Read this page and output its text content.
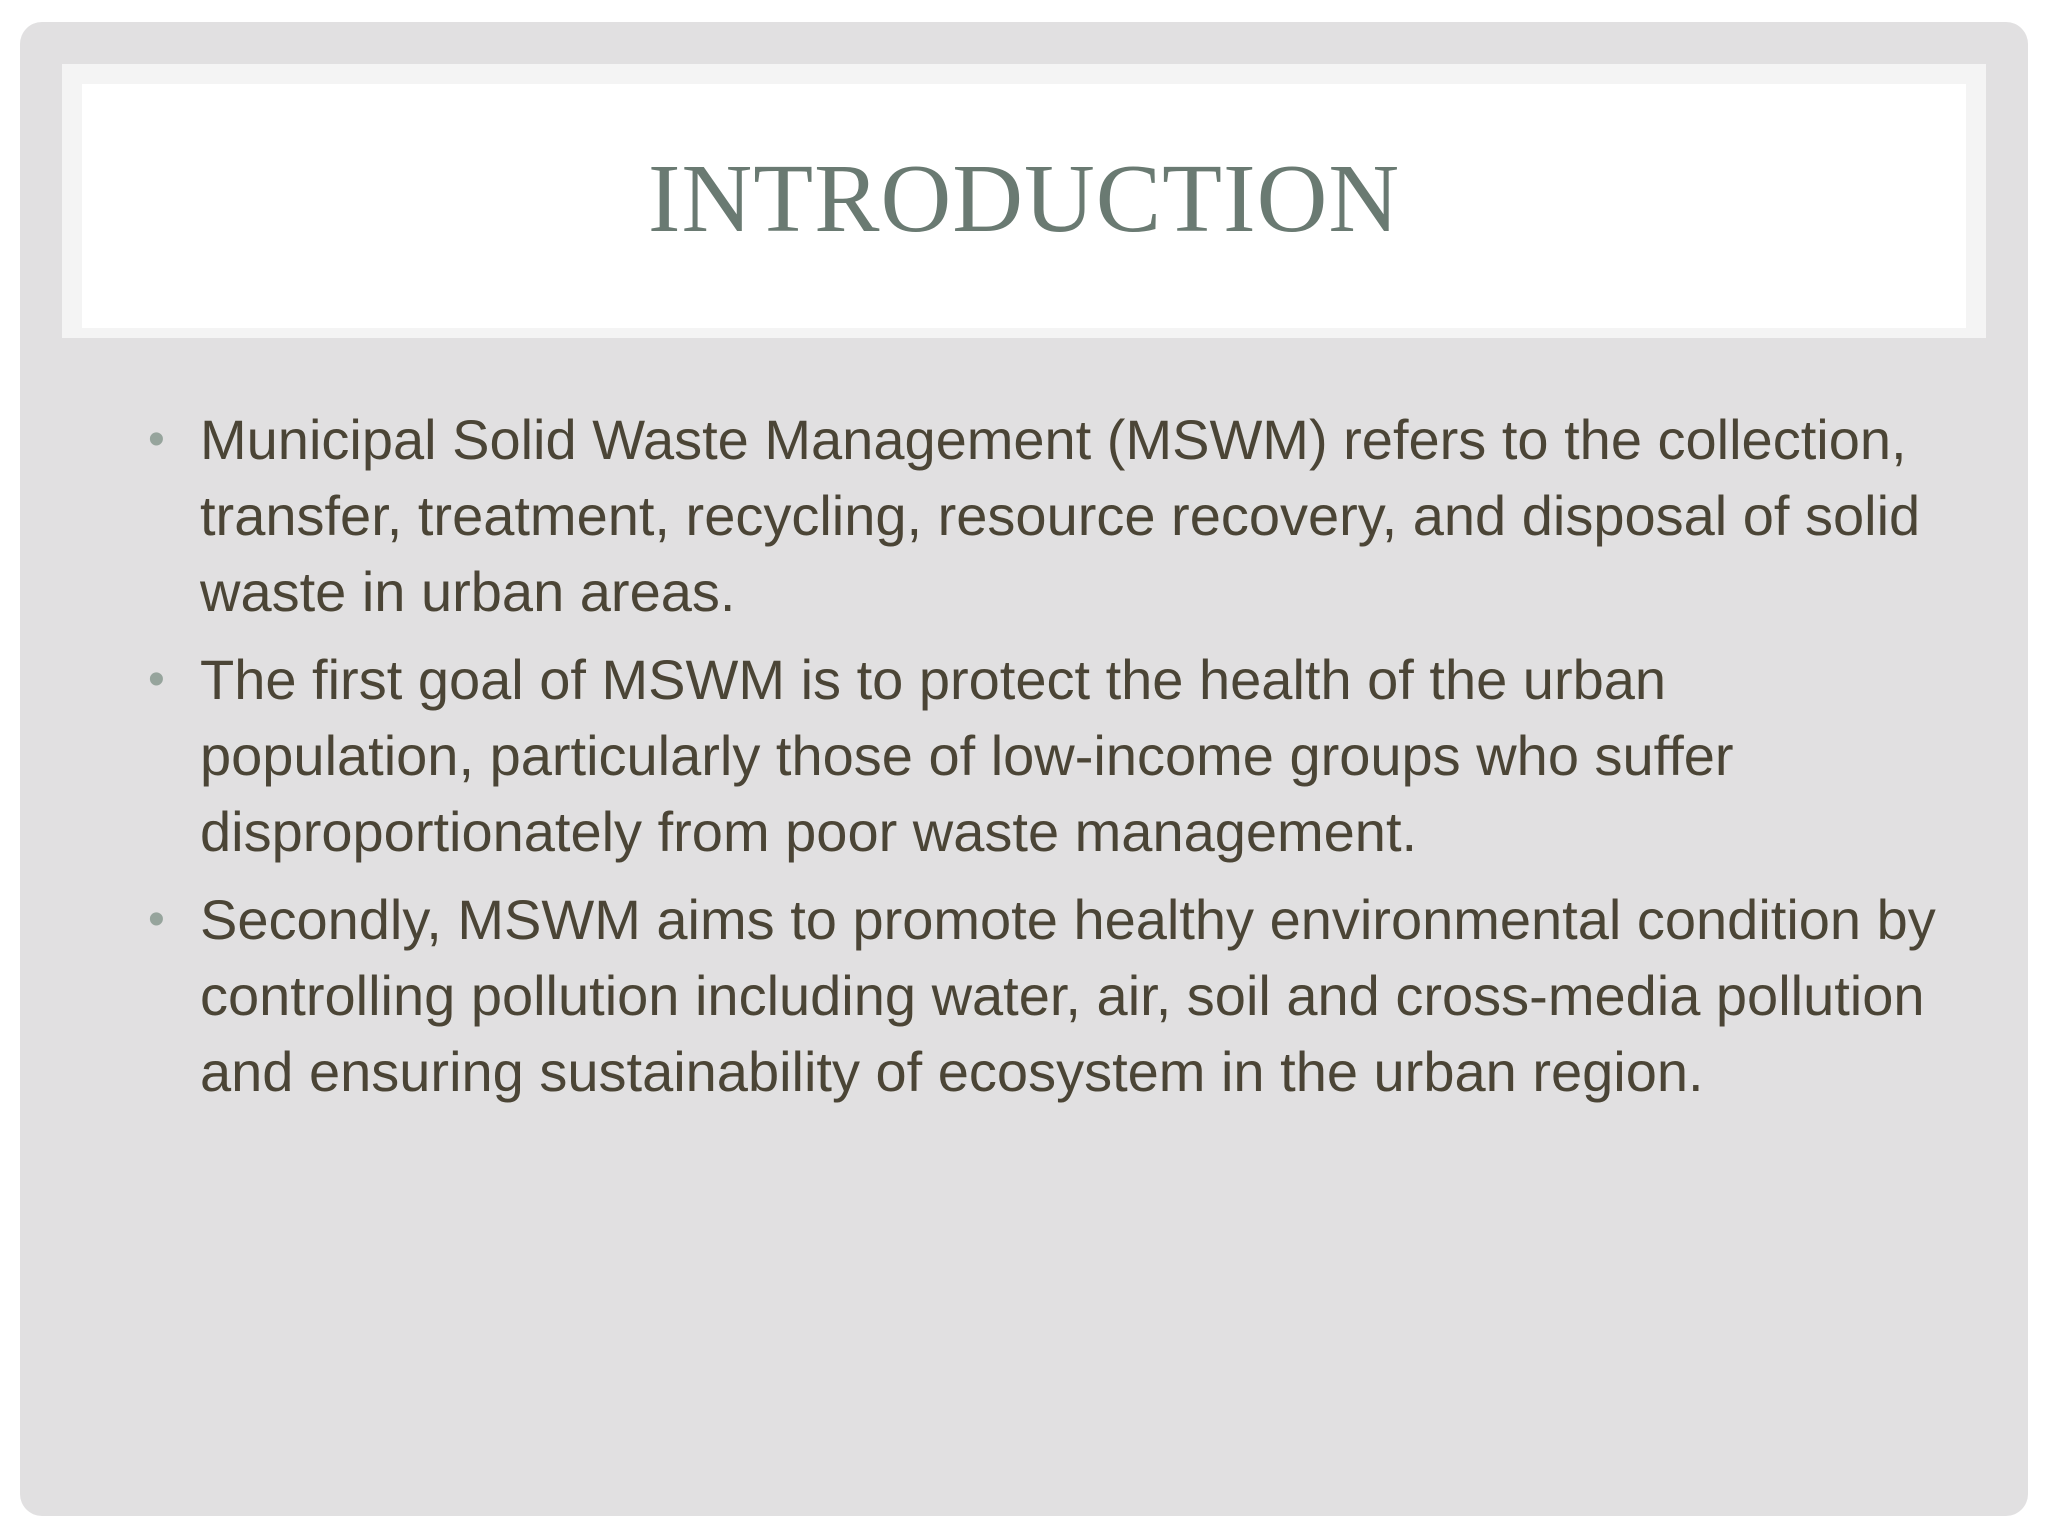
INTRODUCTION
• Municipal Solid Waste Management (MSWM) refers to the collection, transfer, treatment, recycling, resource recovery, and disposal of solid waste in urban areas.
• The first goal of MSWM is to protect the health of the urban population, particularly those of low-income groups who suffer disproportionately from poor waste management.
• Secondly, MSWM aims to promote healthy environmental condition by controlling pollution including water, air, soil and cross-media pollution and ensuring sustainability of ecosystem in the urban region.
